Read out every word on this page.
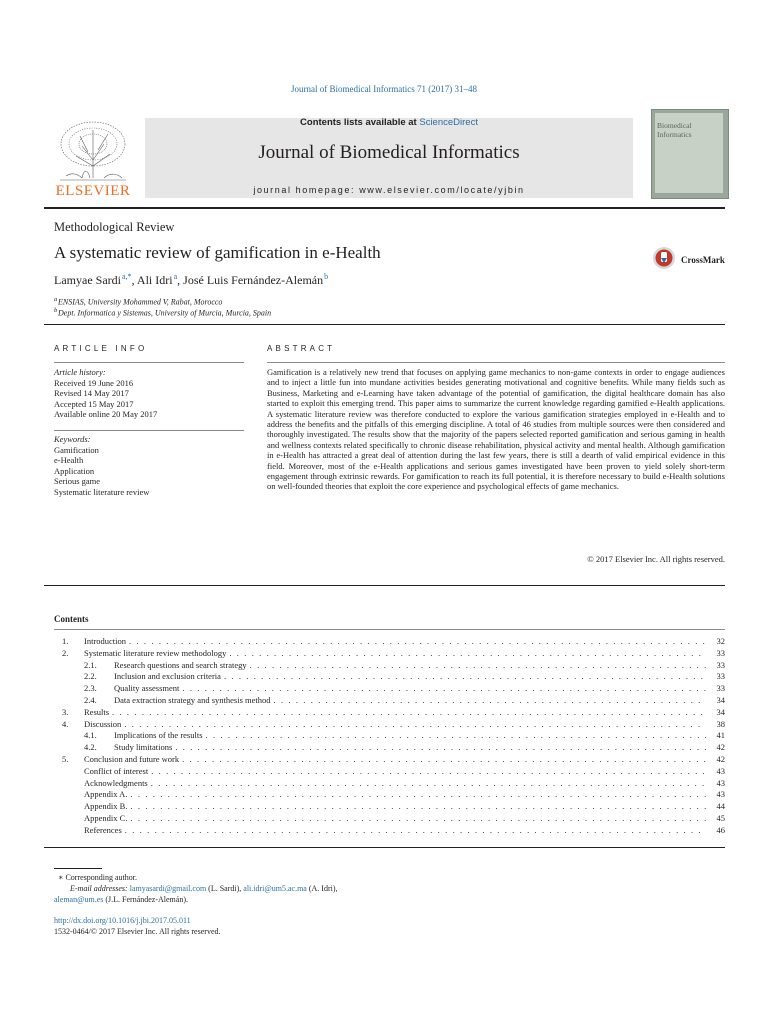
Journal of Biomedical Informatics 71 (2017) 31–48
ELSEVIER
Contents lists available at ScienceDirect
Journal of Biomedical Informatics
journal homepage: www.elsevier.com/locate/yjbin
Biomedical Informatics
Methodological Review
A systematic review of gamification in e-Health
Lamyae Sardi $^{a,*}$, Ali Idri $^a$, José Luis Fernández-Alemán $^b$
CrossMark
$^a$ ENSIAS, University Mohammed V, Rabat, Morocco
$^b$ Dept. Informatica y Sistemas, University of Murcia, Murcia, Spain
ARTICLE INFO	ABSTRACT
Article history:
Received 19 June 2016
Revised 14 May 2017
Accepted 15 May 2017
Available online 20 May 2017
Keywords:
Gamification
e-Health
Application
Serious game
Systematic literature review
Gamification is a relatively new trend that focuses on applying game mechanics to non-game contexts in order to engage audiences and to inject a little fun into mundane activities besides generating motivational and cognitive benefits. While many fields such as Business, Marketing and e-Learning have taken advantage of the potential of gamification, the digital healthcare domain has also started to exploit this emerging trend. This paper aims to summarize the current knowledge regarding gamified e-Health applications. A systematic literature review was therefore conducted to explore the various gamification strategies employed in e-Health and to address the benefits and the pitfalls of this emerging discipline. A total of 46 studies from multiple sources were then considered and thoroughly investigated. The results show that the majority of the papers selected reported gamification and serious gaming in health and wellness contexts related specifically to chronic disease rehabilitation, physical activity and mental health. Although gamification in e-Health has attracted a great deal of attention during the last few years, there is still a dearth of valid empirical evidence in this field. Moreover, most of the e-Health applications and serious games investigated have been proven to yield solely short-term engagement through extrinsic rewards. For gamification to reach its full potential, it is therefore necessary to build e-Health solutions on well-founded theories that exploit the core experience and psychological effects of game mechanics.
© 2017 Elsevier Inc. All rights reserved.
Contents
1.	Introduction . . .	32
2.	Systematic literature review methodology . . .	33
2.1.	Research questions and search strategy . . .	33
2.2.	Inclusion and exclusion criteria . . .	33
2.3.	Quality assessment . . .	33
2.4.	Data extraction strategy and synthesis method . . .	34
3.	Results . . .	34
4.	Discussion . . .	38
4.1.	Implications of the results . . .	41
4.2.	Study limitations . . .	42
5.	Conclusion and future work . . .	42
Conflict of interest . . .	43
Acknowledgments . . .	43
Appendix A. . . .	43
Appendix B. . . .	44
Appendix C. . . .	45
References . . .	46
∗ Corresponding author.
E-mail addresses: lamyasardi@gmail.com (L. Sardi), ali.idri@um5.ac.ma (A. Idri),
aleman@um.es (J.L. Fernández-Alemán).
http://dx.doi.org/10.1016/j.jbi.2017.05.011
1532-0464/© 2017 Elsevier Inc. All rights reserved.
